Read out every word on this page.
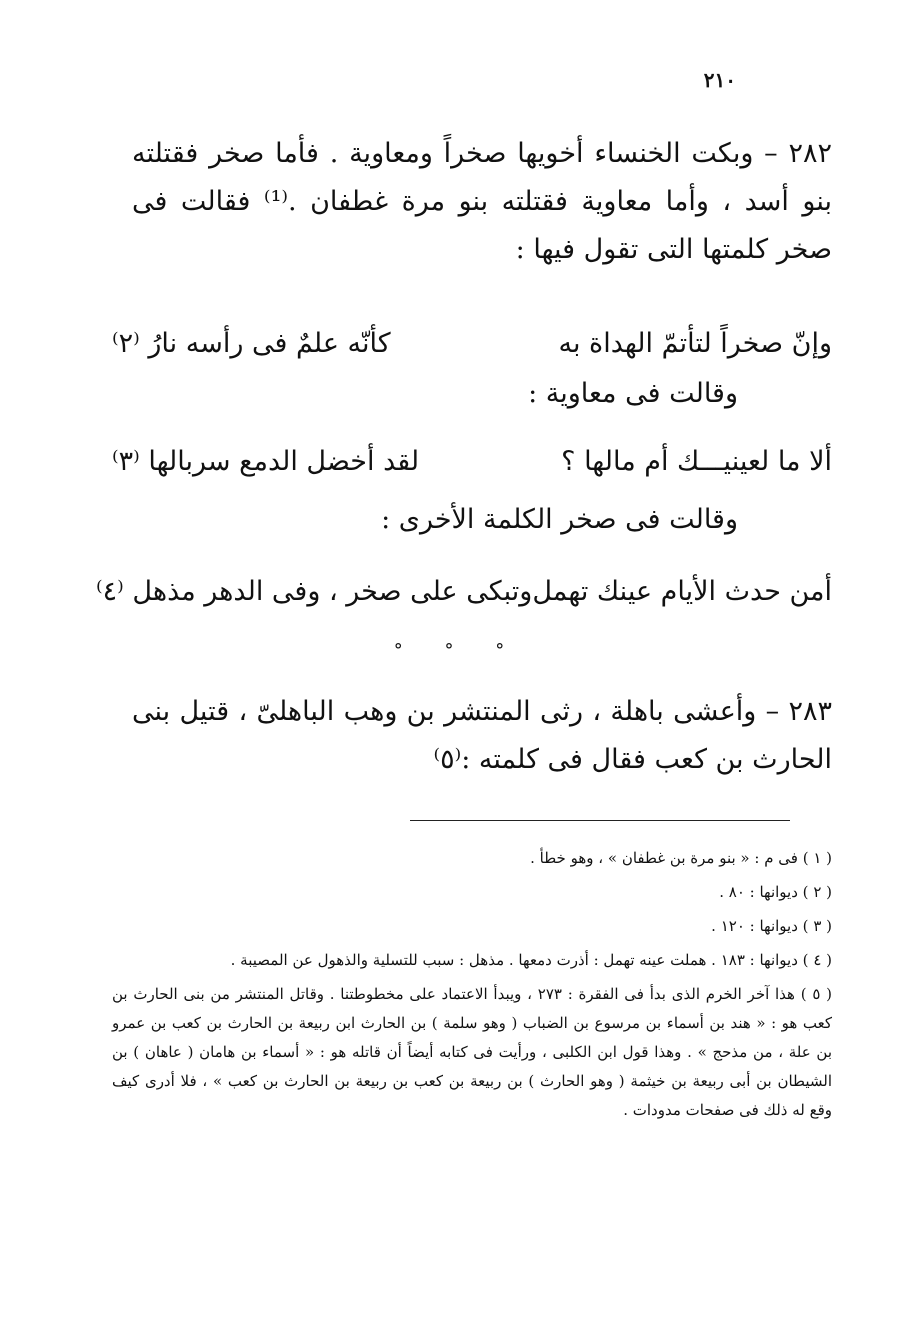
٢١٠

٢٨٢ – وبكت الخنساء أخويها صخراً ومعاوية . فأما صخر فقتلته بنو أسد ، وأما معاوية فقتلته بنو مرة غطفان .⁽¹⁾ فقالت فى صخر كلمتها التى تقول فيها :

وإنّ صخراً لتأتمّ الهداة به
كأنّه علمٌ فى رأسه نارُ ⁽٢⁾
وقالت فى معاوية :
ألا ما لعينيـــك أم مالها ؟
لقد أخضل الدمع سربالها ⁽٣⁾
وقالت فى صخر الكلمة الأخرى :
أمن حدث الأيام عينك تهمل
وتبكى على صخر ، وفى الدهر مذهل ⁽٤⁾
° ° °

٢٨٣ – وأعشى باهلة ، رثى المنتشر بن وهب الباهلىّ ، قتيل بنى الحارث بن كعب فقال فى كلمته :⁽٥⁾

( ١ ) فى م : « بنو مرة بن غطفان » ، وهو خطأ .

( ٢ ) ديوانها : ٨٠ .

( ٣ ) ديوانها : ١٢٠ .

( ٤ ) ديوانها : ١٨٣ . هملت عينه تهمل : أذرت دمعها . مذهل : سبب للتسلية والذهول عن المصيبة .

( ٥ ) هذا آخر الخرم الذى بدأ فى الفقرة : ٢٧٣ ، ويبدأ الاعتماد على مخطوطتنا . وقاتل المنتشر من بنى الحارث بن كعب هو : « هند بن أسماء بن مرسوع بن الضباب ( وهو سلمة ) بن الحارث ابن ربيعة بن الحارث بن كعب بن عمرو بن علة ، من مذحج » . وهذا قول ابن الكلبى ، ورأيت فى كتابه أيضاً أن قاتله هو : « أسماء بن هامان ( عاهان ) بن الشيطان بن أبى ربيعة بن خيثمة ( وهو الحارث ) بن ربيعة بن كعب بن ربيعة بن الحارث بن كعب » ، فلا أدرى كيف وقع له ذلك فى صفحات مدودات .
